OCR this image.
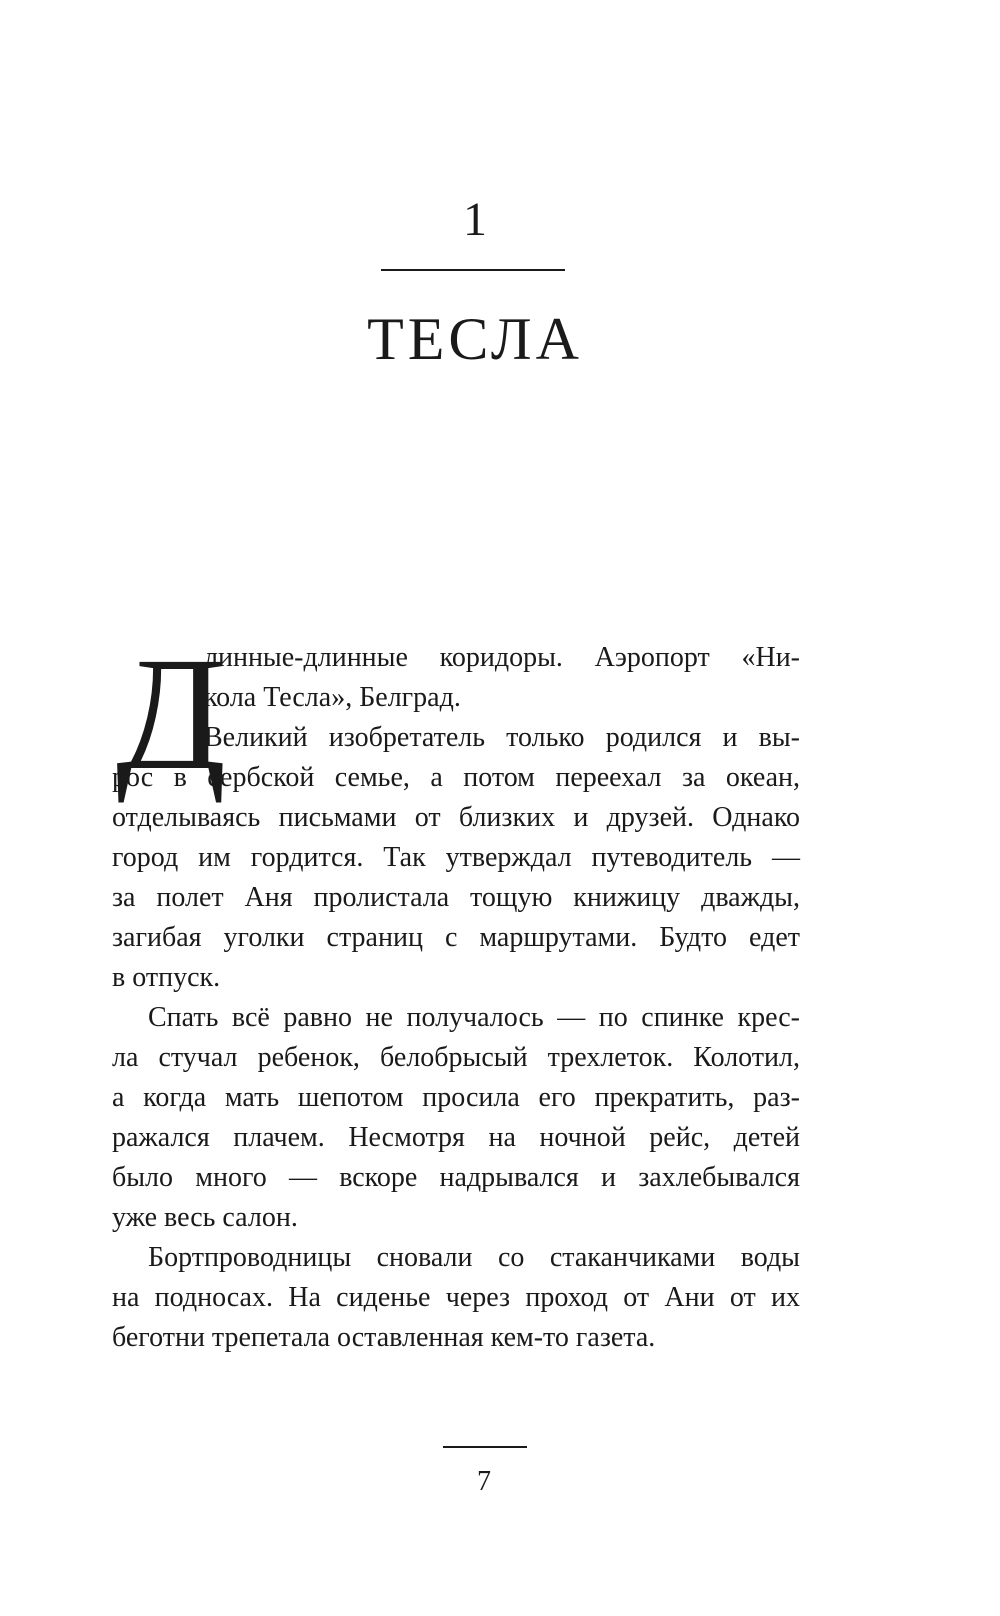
1
ТЕСЛА
Д
линные-длинные коридоры. Аэропорт «Ни-
кола Тесла», Белград.
Великий изобретатель только родился и вы-
рос в сербской семье, а потом переехал за океан,
отделываясь письмами от близких и друзей. Однако
город им гордится. Так утверждал путеводитель —
за полет Аня пролистала тощую книжицу дважды,
загибая уголки страниц с маршрутами. Будто едет
в отпуск.
Спать всё равно не получалось — по спинке крес-
ла стучал ребенок, белобрысый трехлеток. Колотил,
а когда мать шепотом просила его прекратить, раз-
ражался плачем. Несмотря на ночной рейс, детей
было много — вскоре надрывался и захлебывался
уже весь салон.
Бортпроводницы сновали со стаканчиками воды
на подносах. На сиденье через проход от Ани от их
беготни трепетала оставленная кем-то газета.
7
